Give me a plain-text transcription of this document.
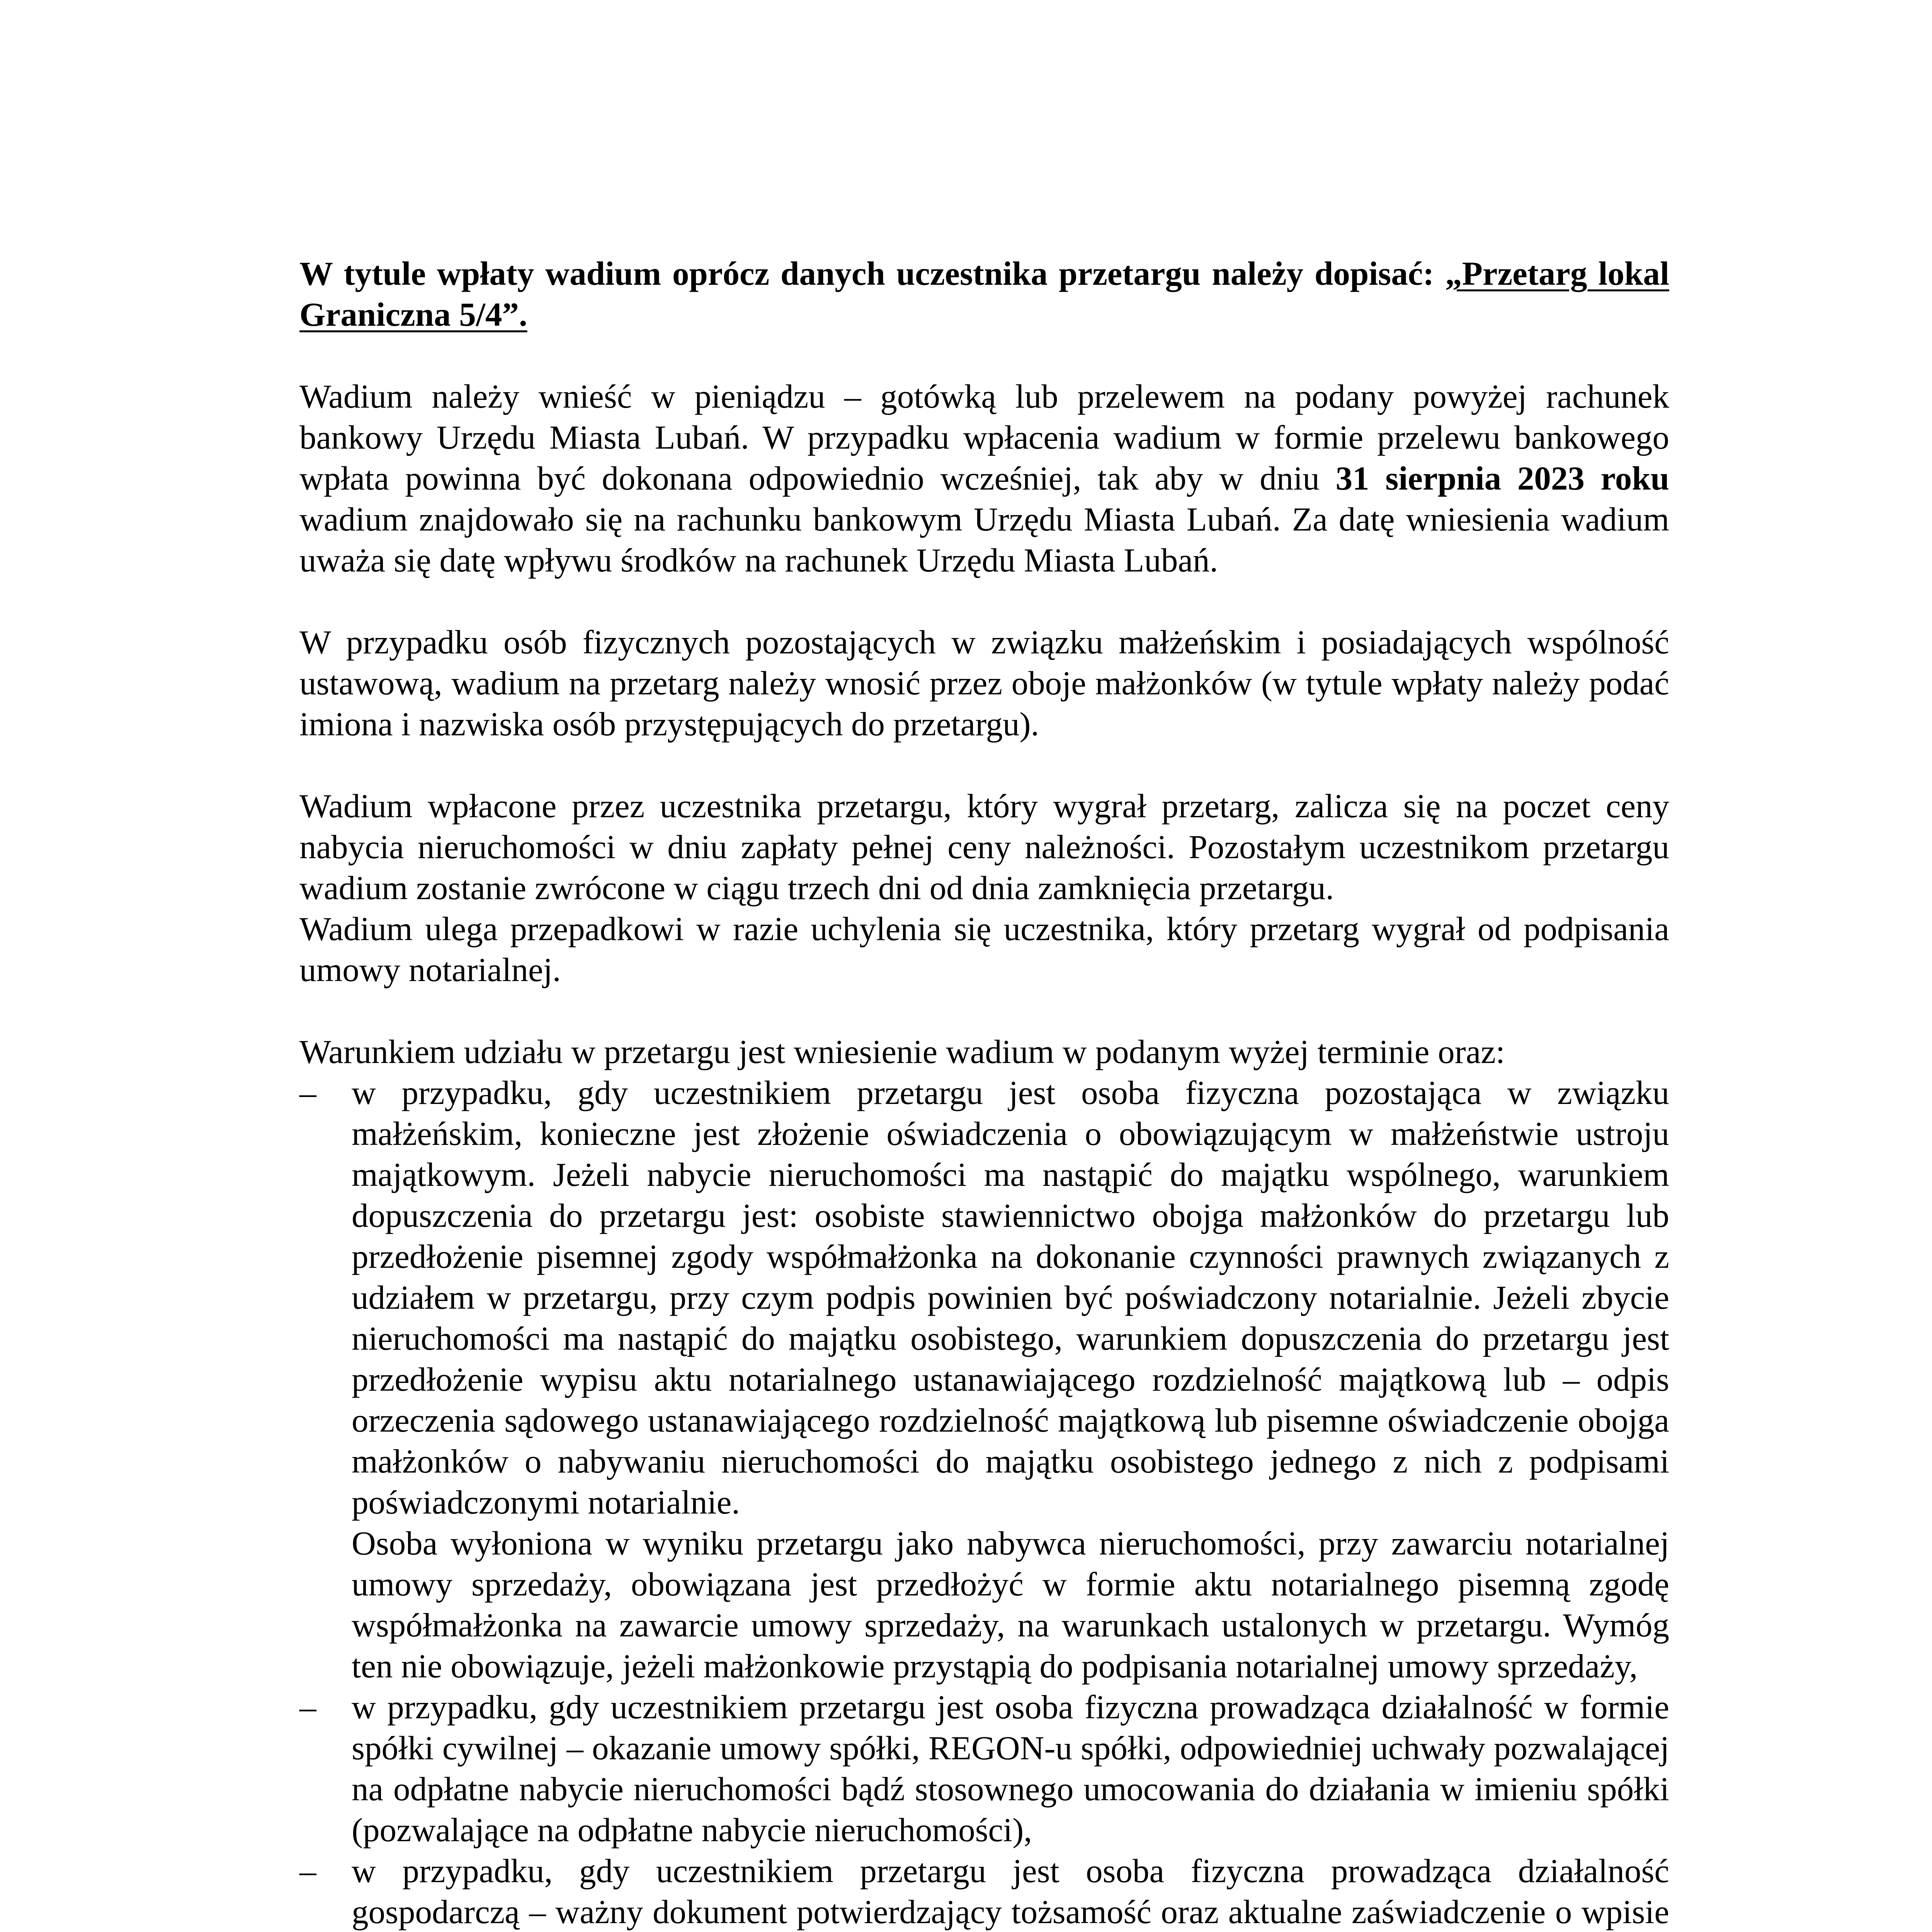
W tytule wpłaty wadium oprócz danych uczestnika przetargu należy dopisać: „Przetarg lokal Graniczna 5/4”.

Wadium należy wnieść w pieniądzu – gotówką lub przelewem na podany powyżej rachunek bankowy Urzędu Miasta Lubań. W przypadku wpłacenia wadium w formie przelewu bankowego wpłata powinna być dokonana odpowiednio wcześniej, tak aby w dniu 31 sierpnia 2023 roku wadium znajdowało się na rachunku bankowym Urzędu Miasta Lubań. Za datę wniesienia wadium uważa się datę wpływu środków na rachunek Urzędu Miasta Lubań.

W przypadku osób fizycznych pozostających w związku małżeńskim i posiadających wspólność ustawową, wadium na przetarg należy wnosić przez oboje małżonków (w tytule wpłaty należy podać imiona i nazwiska osób przystępujących do przetargu).

Wadium wpłacone przez uczestnika przetargu, który wygrał przetarg, zalicza się na poczet ceny nabycia nieruchomości w dniu zapłaty pełnej ceny należności. Pozostałym uczestnikom przetargu wadium zostanie zwrócone w ciągu trzech dni od dnia zamknięcia przetargu.

Wadium ulega przepadkowi w razie uchylenia się uczestnika, który przetarg wygrał od podpisania umowy notarialnej.

Warunkiem udziału w przetargu jest wniesienie wadium w podanym wyżej terminie oraz:

– w przypadku, gdy uczestnikiem przetargu jest osoba fizyczna pozostająca w związku małżeńskim, konieczne jest złożenie oświadczenia o obowiązującym w małżeństwie ustroju majątkowym. Jeżeli nabycie nieruchomości ma nastąpić do majątku wspólnego, warunkiem dopuszczenia do przetargu jest: osobiste stawiennictwo obojga małżonków do przetargu lub przedłożenie pisemnej zgody współmałżonka na dokonanie czynności prawnych związanych z udziałem w przetargu, przy czym podpis powinien być poświadczony notarialnie. Jeżeli zbycie nieruchomości ma nastąpić do majątku osobistego, warunkiem dopuszczenia do przetargu jest przedłożenie wypisu aktu notarialnego ustanawiającego rozdzielność majątkową lub – odpis orzeczenia sądowego ustanawiającego rozdzielność majątkową lub pisemne oświadczenie obojga małżonków o nabywaniu nieruchomości do majątku osobistego jednego z nich z podpisami poświadczonymi notarialnie.

Osoba wyłoniona w wyniku przetargu jako nabywca nieruchomości, przy zawarciu notarialnej umowy sprzedaży, obowiązana jest przedłożyć w formie aktu notarialnego pisemną zgodę współmałżonka na zawarcie umowy sprzedaży, na warunkach ustalonych w przetargu. Wymóg ten nie obowiązuje, jeżeli małżonkowie przystąpią do podpisania notarialnej umowy sprzedaży,

– w przypadku, gdy uczestnikiem przetargu jest osoba fizyczna prowadząca działalność w formie spółki cywilnej – okazanie umowy spółki, REGON-u spółki, odpowiedniej uchwały pozwalającej na odpłatne nabycie nieruchomości bądź stosownego umocowania do działania w imieniu spółki (pozwalające na odpłatne nabycie nieruchomości),
– w przypadku, gdy uczestnikiem przetargu jest osoba fizyczna prowadząca działalność gospodarczą – ważny dokument potwierdzający tożsamość oraz aktualne zaświadczenie o wpisie
